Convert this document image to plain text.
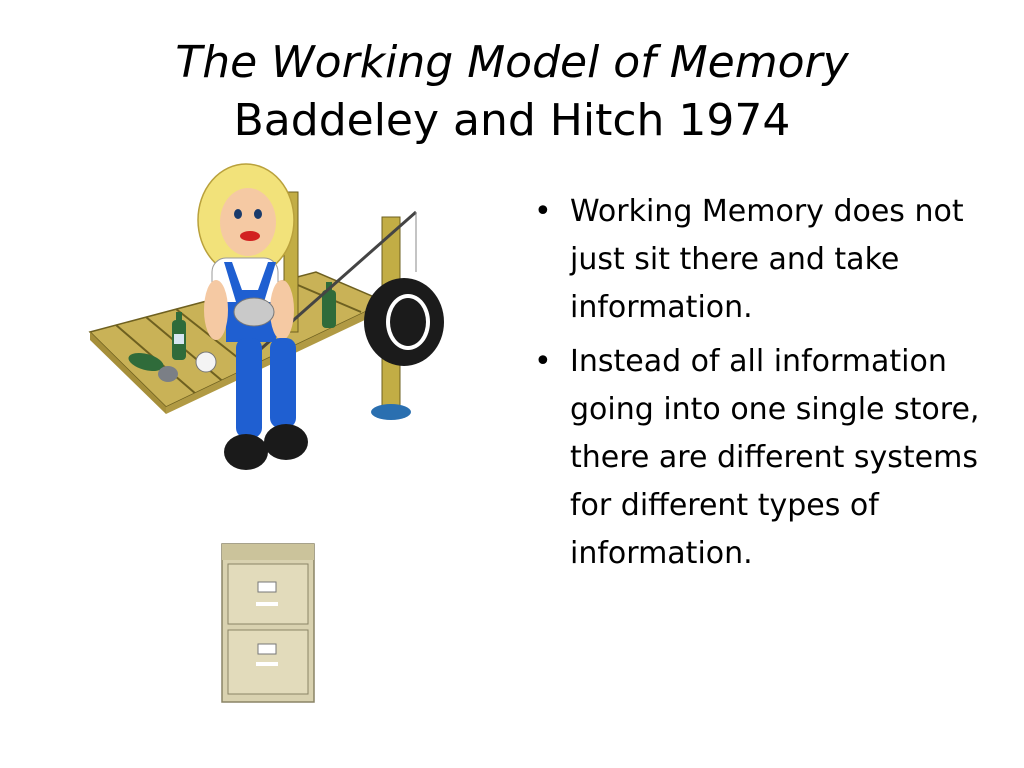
The Working Model of Memory
Baddeley and Hitch 1974
• Working Memory does not just sit there and take information.
• Instead of all information going into one single store, there are different systems for different types of information.
